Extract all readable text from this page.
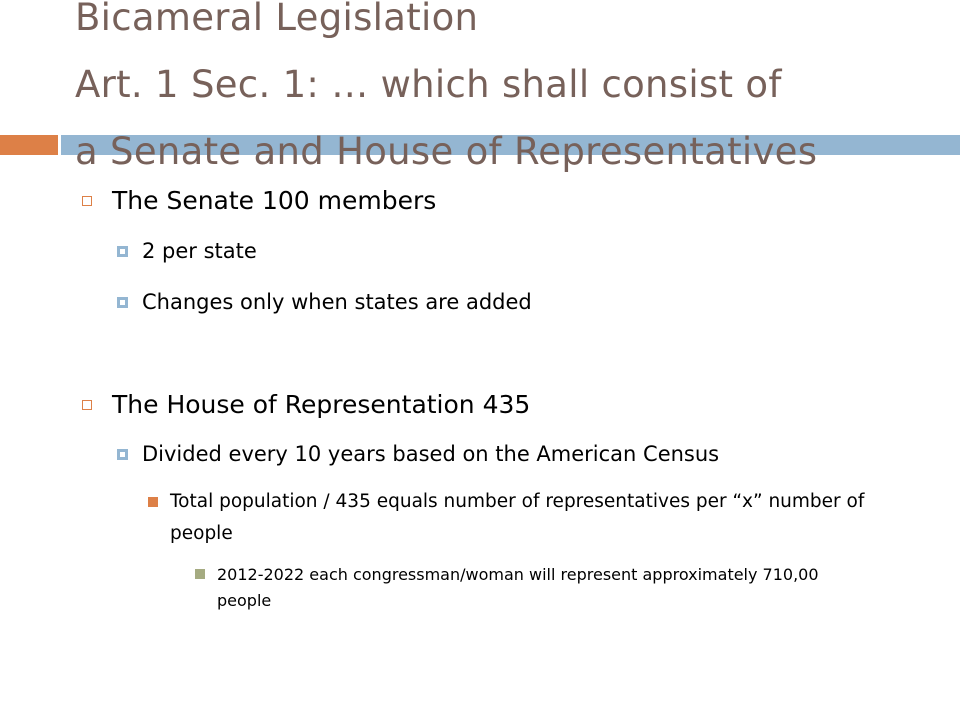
Bicameral Legislation
Art. 1 Sec. 1: … which shall consist of
a Senate and House of Representatives
The Senate 100 members
2 per state
Changes only when states are added
The House of Representation 435
Divided every 10 years based on the American Census
Total population / 435 equals number of representatives per “x” number of people
2012-2022 each congressman/woman will represent approximately 710,00 people
